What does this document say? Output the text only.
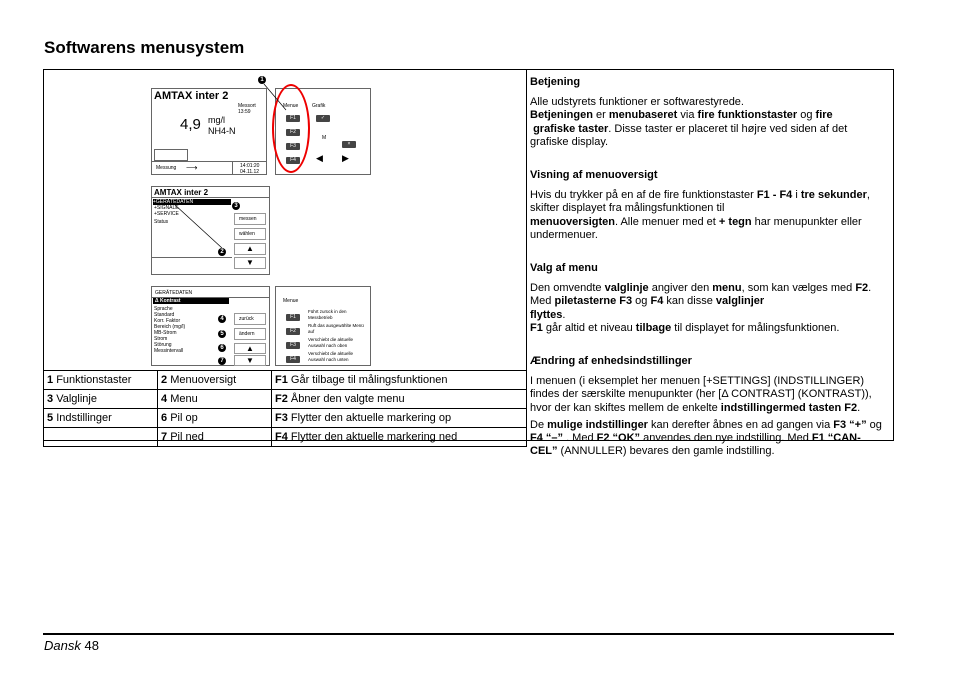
Softwarens menusystem
AMTAX inter 2
Messort
13:59
4,9 mg/l
NH4-N
Messung ⟶	14:01:20
04.11.12
Menue	Grafik
F1
F2
F3
F4
✓
×
M
◀ ▶
1
AMTAX inter 2
+GERÄTEDATEN
+SIGNALE
+SERVICE
Status	messen
wählen
▲
▼
3
2
GERÄTEDATEN
Δ Kontrast
Sprache
Standard
Korr. Faktor
Bereich (mg/l)
MB-Strom
Strom
Störung
Messintervall
zurück
ändern
▲
▼
4
5
6
7
Menue
F1
F2
F3
F4
Führt zurück in den Messbetrieb
Ruft das ausgewählte Menü auf
Verschiebt die aktuelle Auswahl nach oben
Verschiebt die aktuelle Auswahl nach unten
1 Funktionstaster	2 Menuoversigt	F1 Går tilbage til målingsfunktionen
3 Valglinje	4 Menu	F2 Åbner den valgte menu
5 Indstillinger	6 Pil op	F3 Flytter den aktuelle markering op
	7 Pil ned	F4 Flytter den aktuelle markering ned

Betjening

Alle udstyrets funktioner er softwarestyrede.

Betjeningen er menubaseret via fire funktionstaster og fire
grafiske taster. Disse taster er placeret til højre ved siden af det grafiske display.

Visning af menuoversigt

Hvis du trykker på en af de fire funktionstaster F1 - F4 i tre sekunder, skifter displayet fra målingsfunktionen til
menuoversigten. Alle menuer med et + tegn har menupunkter eller undermenuer.

Valg af menu

Den omvendte valglinje angiver den menu, som kan vælges med F2. Med piletasterne F3 og F4 kan disse valglinjer
flyttes.
F1 går altid et niveau tilbage til displayet for målingsfunktionen.

Ændring af enhedsindstillinger

I menuen (i eksemplet her menuen [+SETTINGS] (INDSTILLINGER) findes der særskilte menupunkter (her [Δ CONTRAST] (KONTRAST)), hvor der kan skiftes mellem de enkelte indstillingermed tasten F2.

De mulige indstillinger kan derefter åbnes en ad gangen via F3 “+” og
F4 “–” . Med F2 “OK” anvendes den nye indstilling. Med F1 “CAN-CEL” (ANNULLER) bevares den gamle indstilling.

Dansk 48
